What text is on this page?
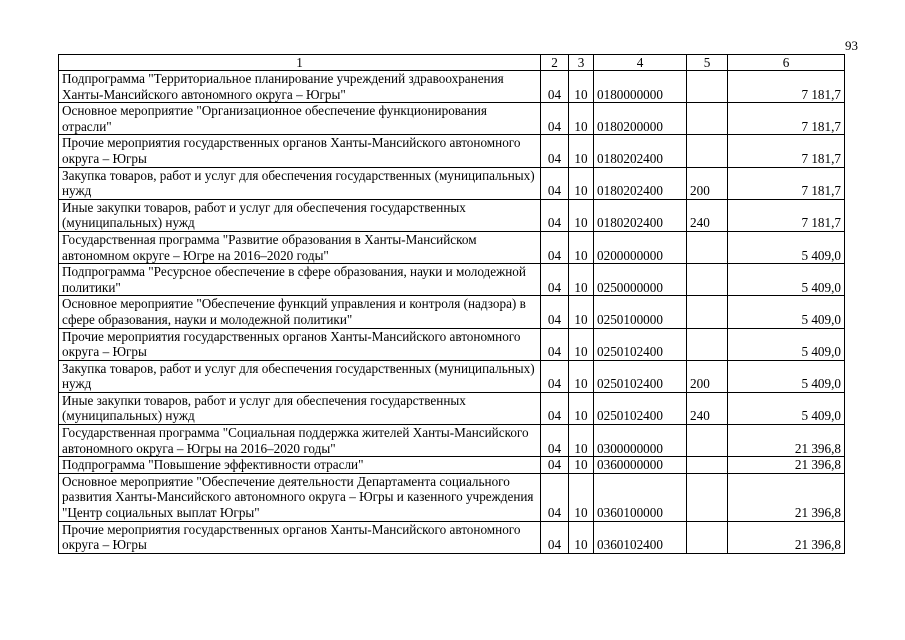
93
1	2	3	4	5	6
Подпрограмма "Территориальное планирование учреждений здравоохранения Ханты-Мансийского автономного округа – Югры"	04	10	0180000000		7 181,7
Основное мероприятие "Организационное обеспечение функционирования отрасли"	04	10	0180200000		7 181,7
Прочие мероприятия государственных органов Ханты-Мансийского автономного округа – Югры	04	10	0180202400		7 181,7
Закупка товаров, работ и услуг для обеспечения государственных (муниципальных) нужд	04	10	0180202400	200	7 181,7
Иные закупки товаров, работ и услуг для обеспечения государственных (муниципальных) нужд	04	10	0180202400	240	7 181,7
Государственная программа "Развитие образования в Ханты-Мансийском автономном округе – Югре на 2016–2020 годы"	04	10	0200000000		5 409,0
Подпрограмма "Ресурсное обеспечение в сфере образования, науки и молодежной политики"	04	10	0250000000		5 409,0
Основное мероприятие "Обеспечение функций управления и контроля (надзора) в сфере образования, науки и молодежной политики"	04	10	0250100000		5 409,0
Прочие мероприятия государственных органов Ханты-Мансийского автономного округа – Югры	04	10	0250102400		5 409,0
Закупка товаров, работ и услуг для обеспечения государственных (муниципальных) нужд	04	10	0250102400	200	5 409,0
Иные закупки товаров, работ и услуг для обеспечения государственных (муниципальных) нужд	04	10	0250102400	240	5 409,0
Государственная программа "Социальная поддержка жителей Ханты-Мансийского автономного округа – Югры на 2016–2020 годы"	04	10	0300000000		21 396,8
Подпрограмма "Повышение эффективности отрасли"	04	10	0360000000		21 396,8
Основное мероприятие "Обеспечение деятельности Департамента социального развития Ханты-Мансийского автономного округа – Югры и казенного учреждения "Центр социальных выплат Югры"	04	10	0360100000		21 396,8
Прочие мероприятия государственных органов Ханты-Мансийского автономного округа – Югры	04	10	0360102400		21 396,8
